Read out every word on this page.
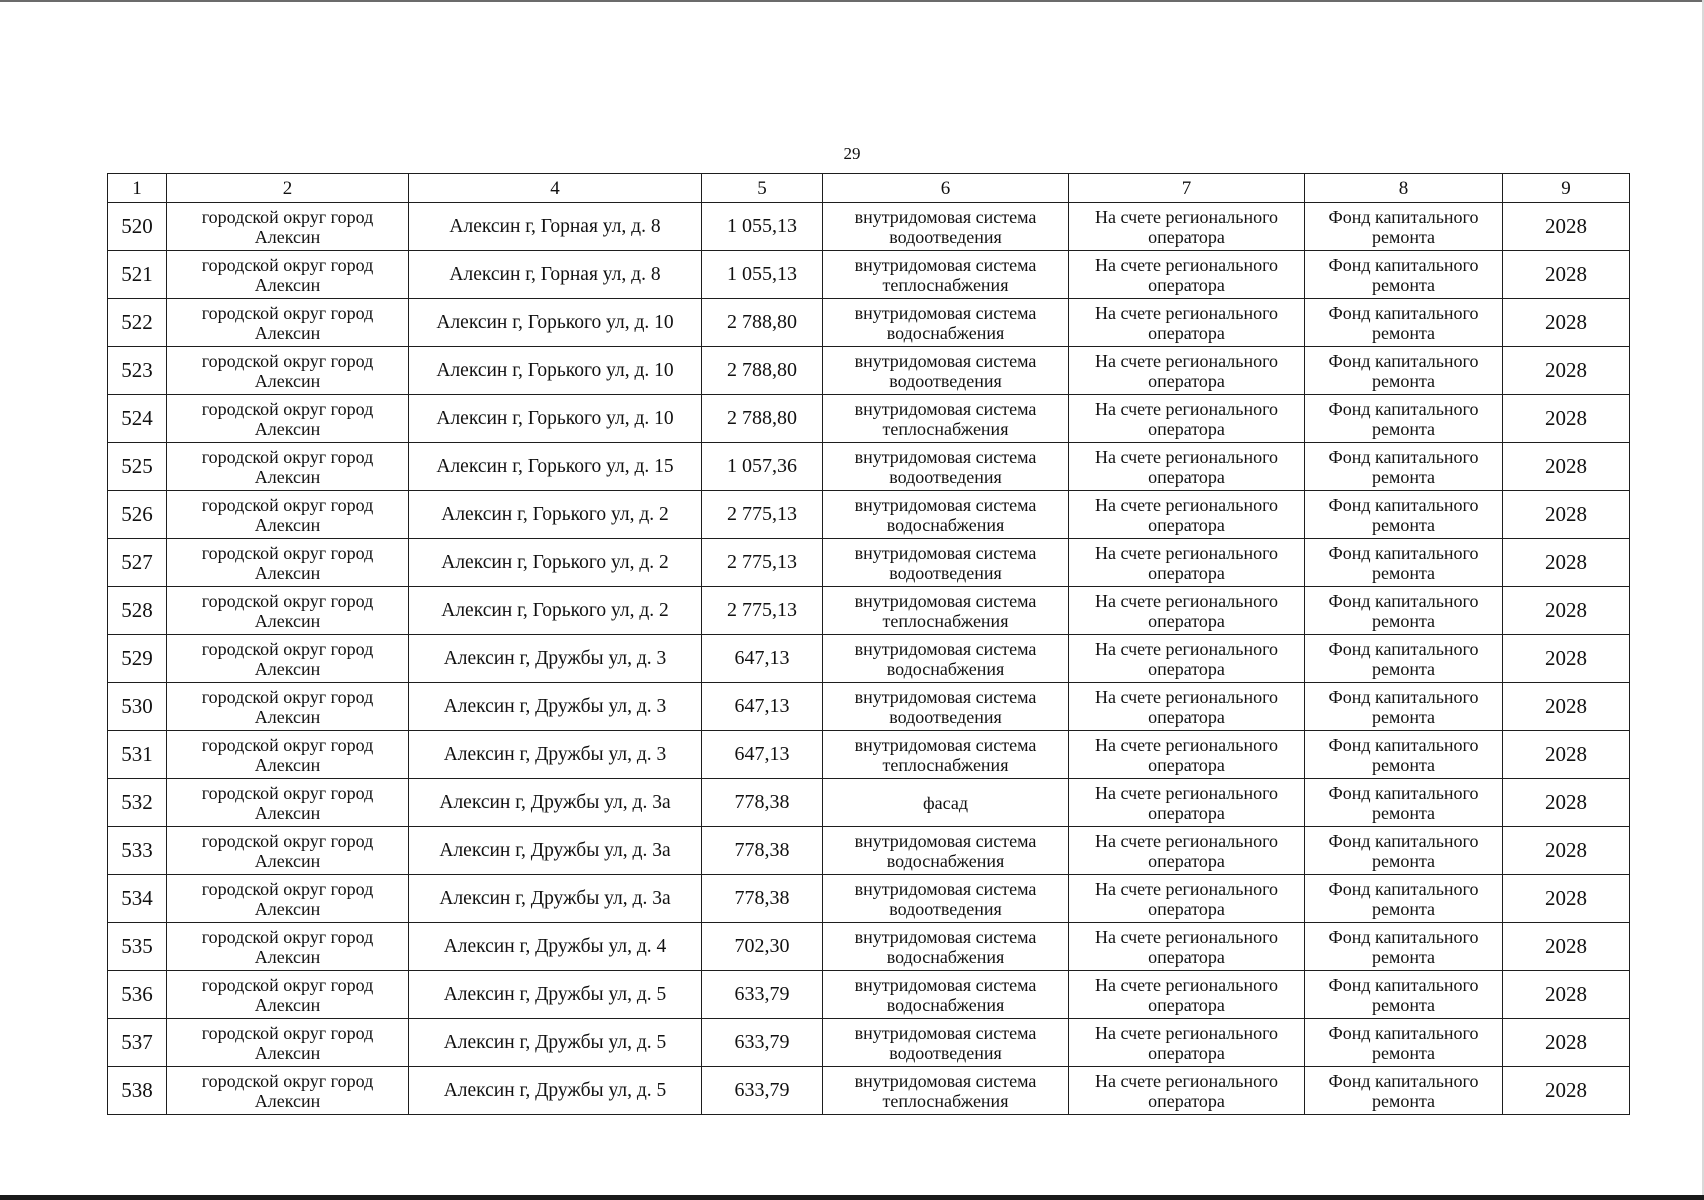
29
1	2	4	5	6	7	8	9
520	городской округ город Алексин	Алексин г, Горная ул, д. 8	1 055,13	внутридомовая система водоотведения	На счете регионального оператора	Фонд капитального ремонта	2028
521	городской округ город Алексин	Алексин г, Горная ул, д. 8	1 055,13	внутридомовая система теплоснабжения	На счете регионального оператора	Фонд капитального ремонта	2028
522	городской округ город Алексин	Алексин г, Горького ул, д. 10	2 788,80	внутридомовая система водоснабжения	На счете регионального оператора	Фонд капитального ремонта	2028
523	городской округ город Алексин	Алексин г, Горького ул, д. 10	2 788,80	внутридомовая система водоотведения	На счете регионального оператора	Фонд капитального ремонта	2028
524	городской округ город Алексин	Алексин г, Горького ул, д. 10	2 788,80	внутридомовая система теплоснабжения	На счете регионального оператора	Фонд капитального ремонта	2028
525	городской округ город Алексин	Алексин г, Горького ул, д. 15	1 057,36	внутридомовая система водоотведения	На счете регионального оператора	Фонд капитального ремонта	2028
526	городской округ город Алексин	Алексин г, Горького ул, д. 2	2 775,13	внутридомовая система водоснабжения	На счете регионального оператора	Фонд капитального ремонта	2028
527	городской округ город Алексин	Алексин г, Горького ул, д. 2	2 775,13	внутридомовая система водоотведения	На счете регионального оператора	Фонд капитального ремонта	2028
528	городской округ город Алексин	Алексин г, Горького ул, д. 2	2 775,13	внутридомовая система теплоснабжения	На счете регионального оператора	Фонд капитального ремонта	2028
529	городской округ город Алексин	Алексин г, Дружбы ул, д. 3	647,13	внутридомовая система водоснабжения	На счете регионального оператора	Фонд капитального ремонта	2028
530	городской округ город Алексин	Алексин г, Дружбы ул, д. 3	647,13	внутридомовая система водоотведения	На счете регионального оператора	Фонд капитального ремонта	2028
531	городской округ город Алексин	Алексин г, Дружбы ул, д. 3	647,13	внутридомовая система теплоснабжения	На счете регионального оператора	Фонд капитального ремонта	2028
532	городской округ город Алексин	Алексин г, Дружбы ул, д. 3а	778,38	фасад	На счете регионального оператора	Фонд капитального ремонта	2028
533	городской округ город Алексин	Алексин г, Дружбы ул, д. 3а	778,38	внутридомовая система водоснабжения	На счете регионального оператора	Фонд капитального ремонта	2028
534	городской округ город Алексин	Алексин г, Дружбы ул, д. 3а	778,38	внутридомовая система водоотведения	На счете регионального оператора	Фонд капитального ремонта	2028
535	городской округ город Алексин	Алексин г, Дружбы ул, д. 4	702,30	внутридомовая система водоснабжения	На счете регионального оператора	Фонд капитального ремонта	2028
536	городской округ город Алексин	Алексин г, Дружбы ул, д. 5	633,79	внутридомовая система водоснабжения	На счете регионального оператора	Фонд капитального ремонта	2028
537	городской округ город Алексин	Алексин г, Дружбы ул, д. 5	633,79	внутридомовая система водоотведения	На счете регионального оператора	Фонд капитального ремонта	2028
538	городской округ город Алексин	Алексин г, Дружбы ул, д. 5	633,79	внутридомовая система теплоснабжения	На счете регионального оператора	Фонд капитального ремонта	2028
